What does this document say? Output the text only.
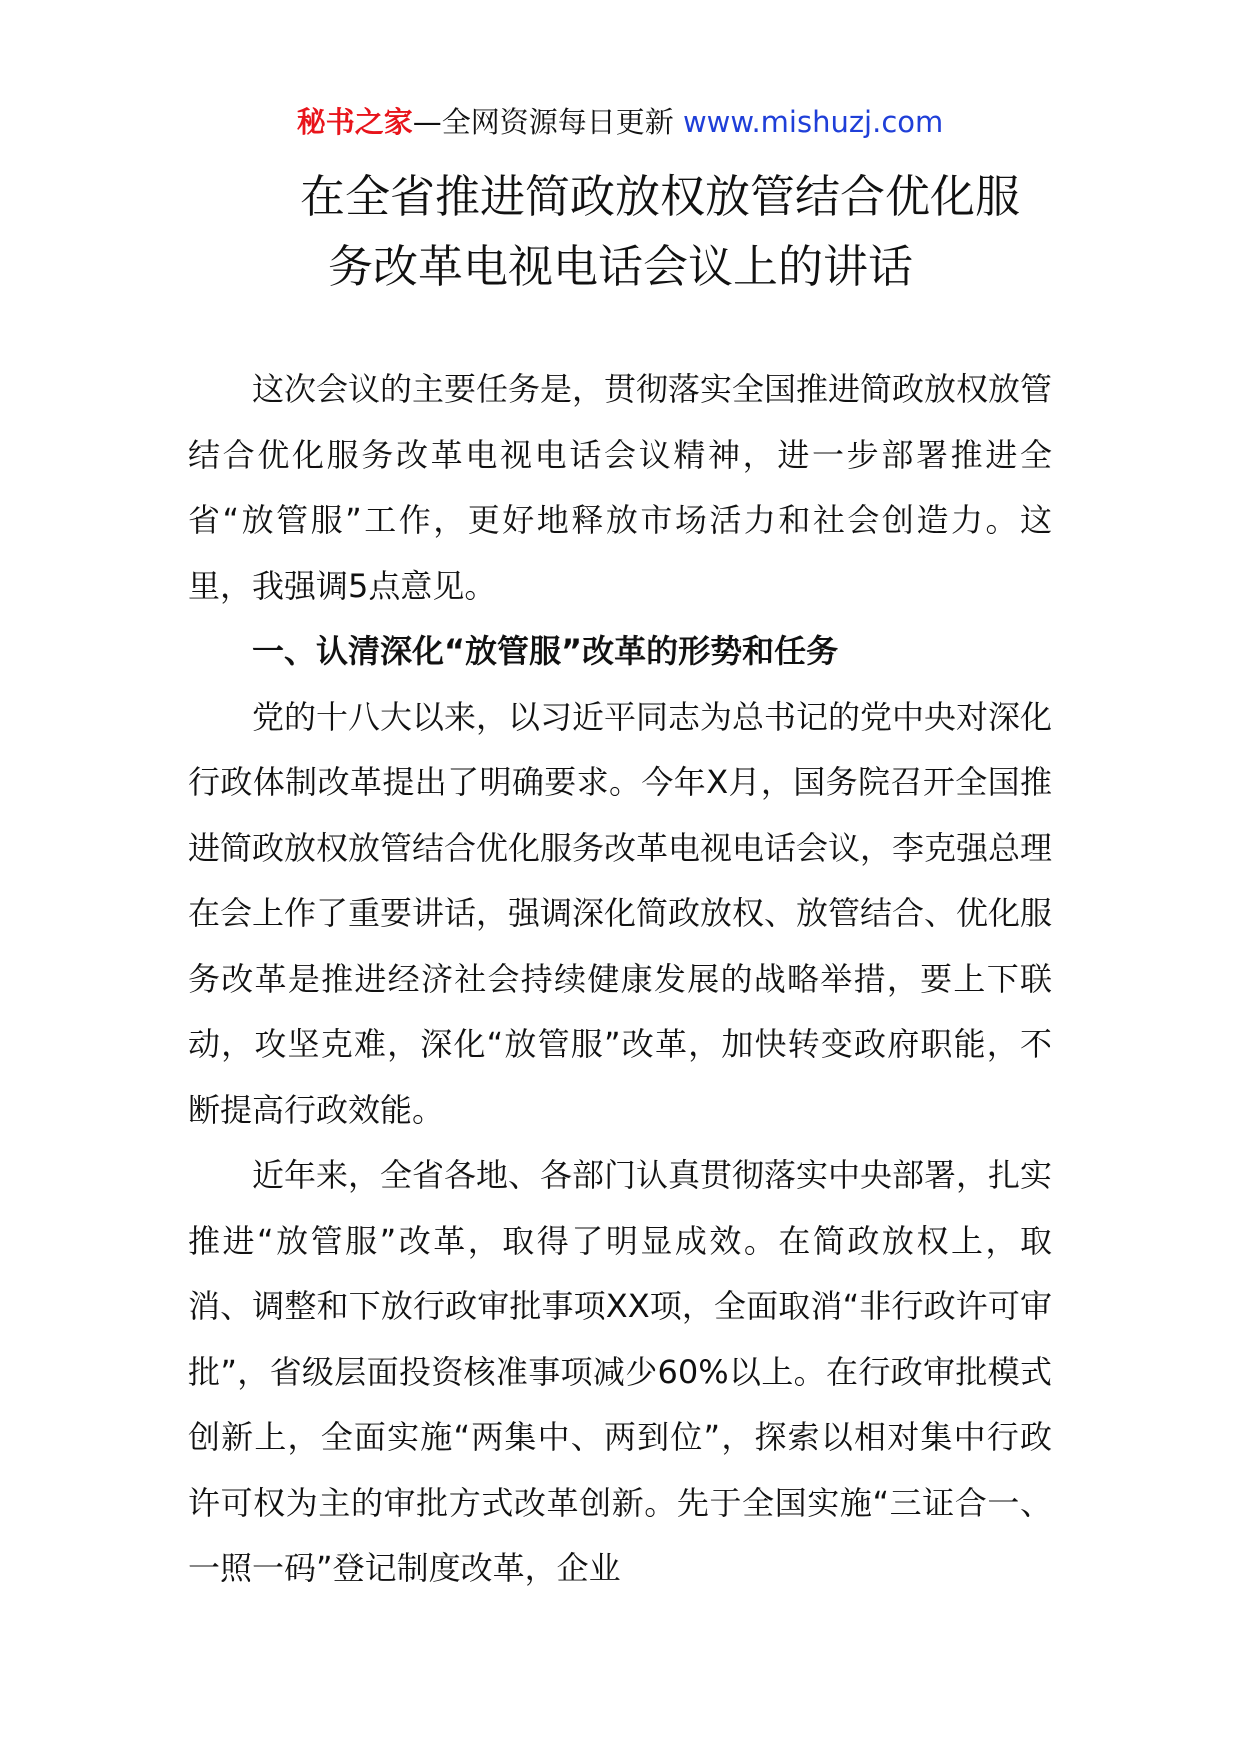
秘书之家—全网资源每日更新 www.mishuzj.com
在全省推进简政放权放管结合优化服
务改革电视电话会议上的讲话

这次会议的主要任务是，贯彻落实全国推进简政放权放管结合优化服务改革电视电话会议精神，进一步部署推进全省“放管服”工作，更好地释放市场活力和社会创造力。这里，我强调5点意见。

一、认清深化“放管服”改革的形势和任务

党的十八大以来，以习近平同志为总书记的党中央对深化行政体制改革提出了明确要求。今年X月，国务院召开全国推进简政放权放管结合优化服务改革电视电话会议，李克强总理在会上作了重要讲话，强调深化简政放权、放管结合、优化服务改革是推进经济社会持续健康发展的战略举措，要上下联动，攻坚克难，深化“放管服”改革，加快转变政府职能，不断提高行政效能。

近年来，全省各地、各部门认真贯彻落实中央部署，扎实推进“放管服”改革，取得了明显成效。在简政放权上，取消、调整和下放行政审批事项XX项，全面取消“非行政许可审批”，省级层面投资核准事项减少60%以上。在行政审批模式创新上，全面实施“两集中、两到位”，探索以相对集中行政许可权为主的审批方式改革创新。先于全国实施“三证合一、一照一码”登记制度改革，企业
